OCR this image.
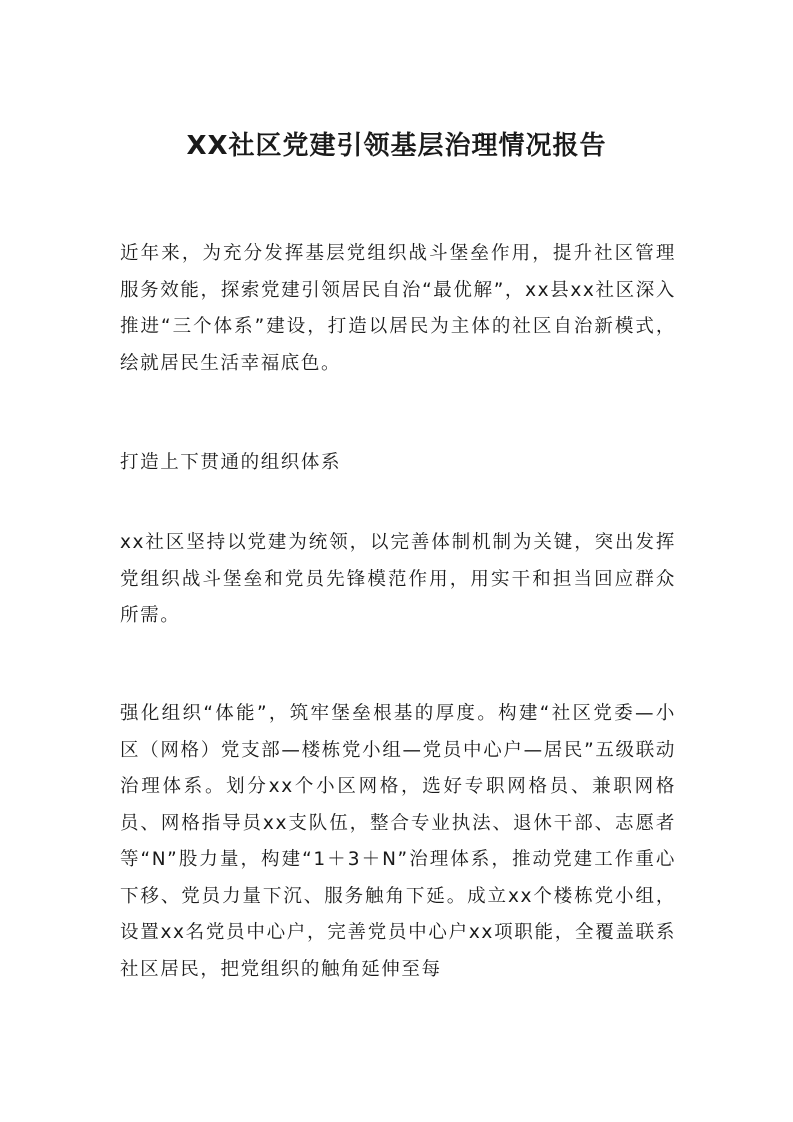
XX社区党建引领基层治理情况报告

近年来，为充分发挥基层党组织战斗堡垒作用，提升社区管理服务效能，探索党建引领居民自治“最优解”，xx县xx社区深入推进“三个体系”建设，打造以居民为主体的社区自治新模式，绘就居民生活幸福底色。

打造上下贯通的组织体系

xx社区坚持以党建为统领，以完善体制机制为关键，突出发挥党组织战斗堡垒和党员先锋模范作用，用实干和担当回应群众所需。

强化组织“体能”，筑牢堡垒根基的厚度。构建“社区党委—小区（网格）党支部—楼栋党小组—党员中心户—居民”五级联动治理体系。划分xx个小区网格，选好专职网格员、兼职网格员、网格指导员xx支队伍，整合专业执法、退休干部、志愿者等“N”股力量，构建“1＋3＋N”治理体系，推动党建工作重心下移、党员力量下沉、服务触角下延。成立xx个楼栋党小组，设置xx名党员中心户，完善党员中心户xx项职能，全覆盖联系社区居民，把党组织的触角延伸至每
